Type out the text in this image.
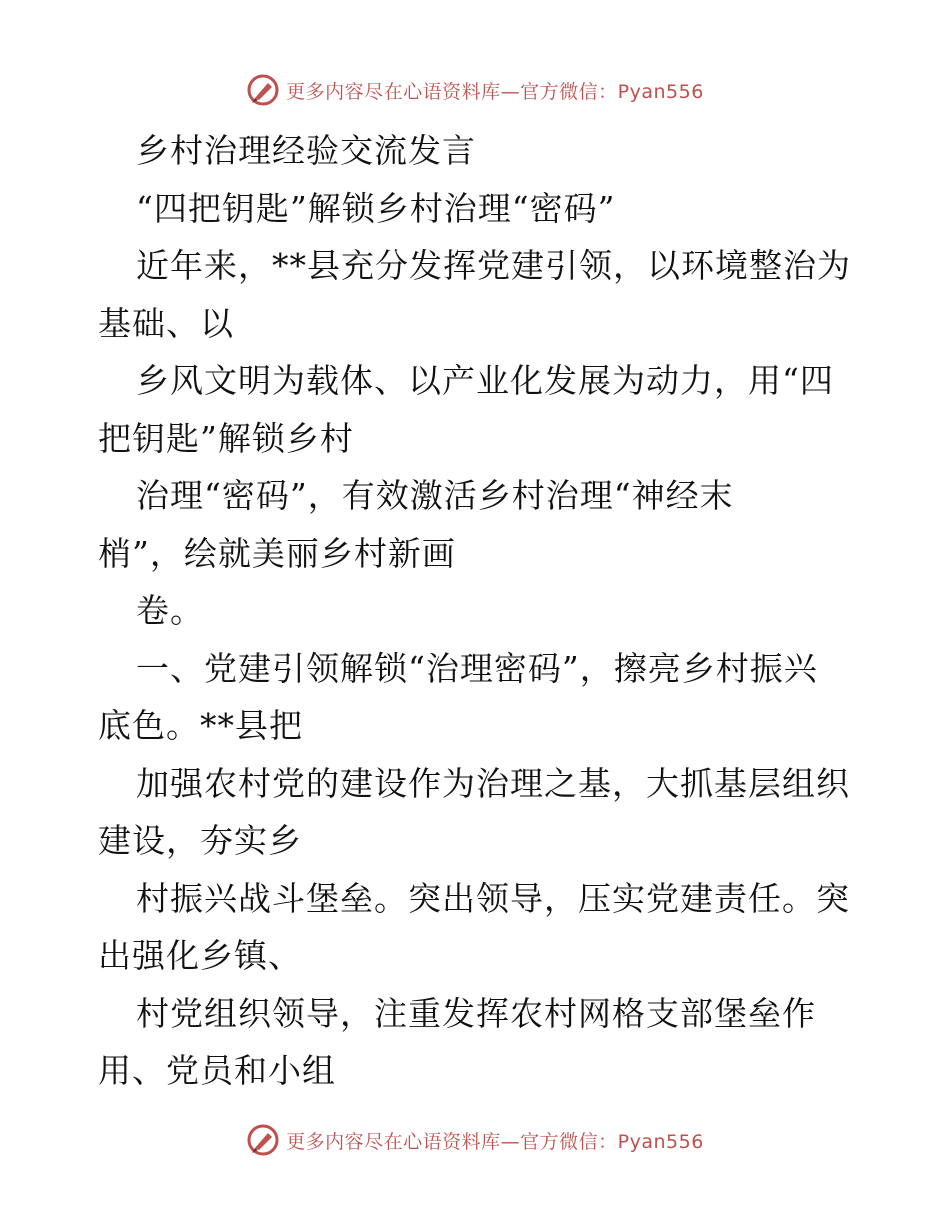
更多内容尽在心语资料库—官方微信：Pyan556
乡村治理经验交流发言
“四把钥匙”解锁乡村治理“密码”
近年来，**县充分发挥党建引领，以环境整治为
基础、以
乡风文明为载体、以产业化发展为动力，用“四
把钥匙”解锁乡村
治理“密码”，有效激活乡村治理“神经末
梢”，绘就美丽乡村新画
卷。
一、党建引领解锁“治理密码”，擦亮乡村振兴
底色。**县把
加强农村党的建设作为治理之基，大抓基层组织
建设，夯实乡
村振兴战斗堡垒。突出领导，压实党建责任。突
出强化乡镇、
村党组织领导，注重发挥农村网格支部堡垒作
用、党员和小组
更多内容尽在心语资料库—官方微信：Pyan556
